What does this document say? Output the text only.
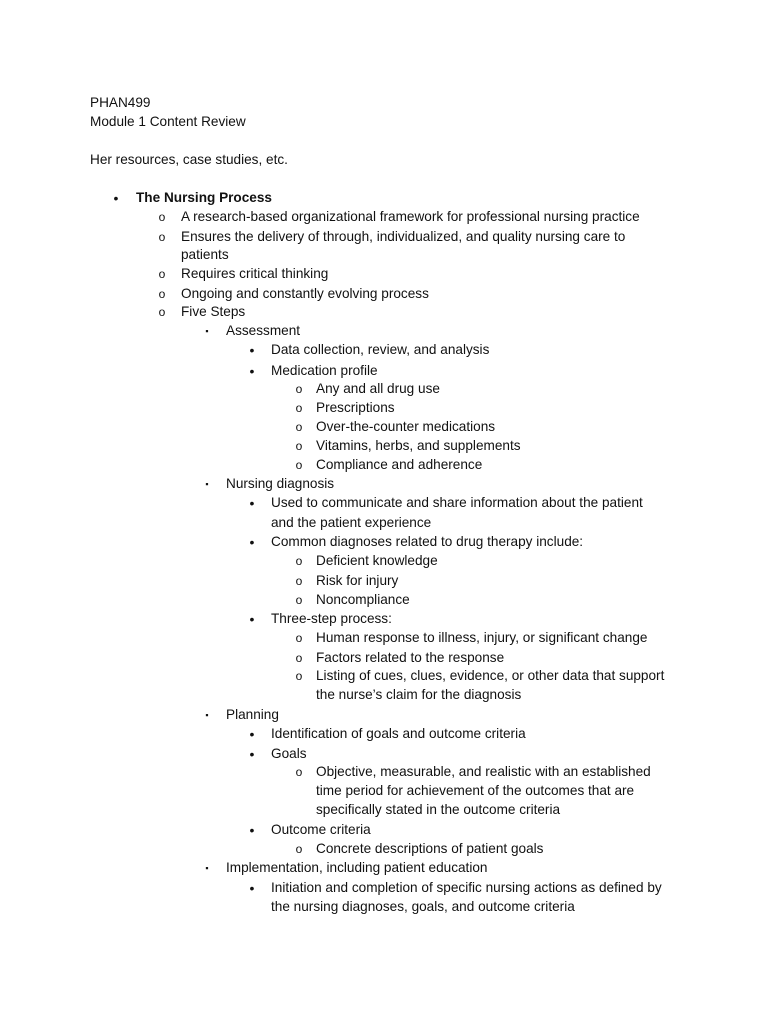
PHAN499
Module 1 Content Review
Her resources, case studies, etc.
•	The Nursing Process
o A research-based organizational framework for professional nursing practice
o Ensures the delivery of through, individualized, and quality nursing care to
patients
o Requires critical thinking
o Ongoing and constantly evolving process
o Five Steps
▪	Assessment
•	Data collection, review, and analysis
•	Medication profile
o Any and all drug use
o Prescriptions
o Over-the-counter medications
o Vitamins, herbs, and supplements
o Compliance and adherence
▪	Nursing diagnosis
•	Used to communicate and share information about the patient
and the patient experience
•	Common diagnoses related to drug therapy include:
o Deficient knowledge
o Risk for injury
o Noncompliance
•	Three-step process:
o Human response to illness, injury, or significant change
o Factors related to the response
o Listing of cues, clues, evidence, or other data that support
the nurse’s claim for the diagnosis
▪	Planning
•	Identification of goals and outcome criteria
•	Goals
o Objective, measurable, and realistic with an established
time period for achievement of the outcomes that are
specifically stated in the outcome criteria
•	Outcome criteria
o Concrete descriptions of patient goals
▪	Implementation, including patient education
•	Initiation and completion of specific nursing actions as defined by
the nursing diagnoses, goals, and outcome criteria
